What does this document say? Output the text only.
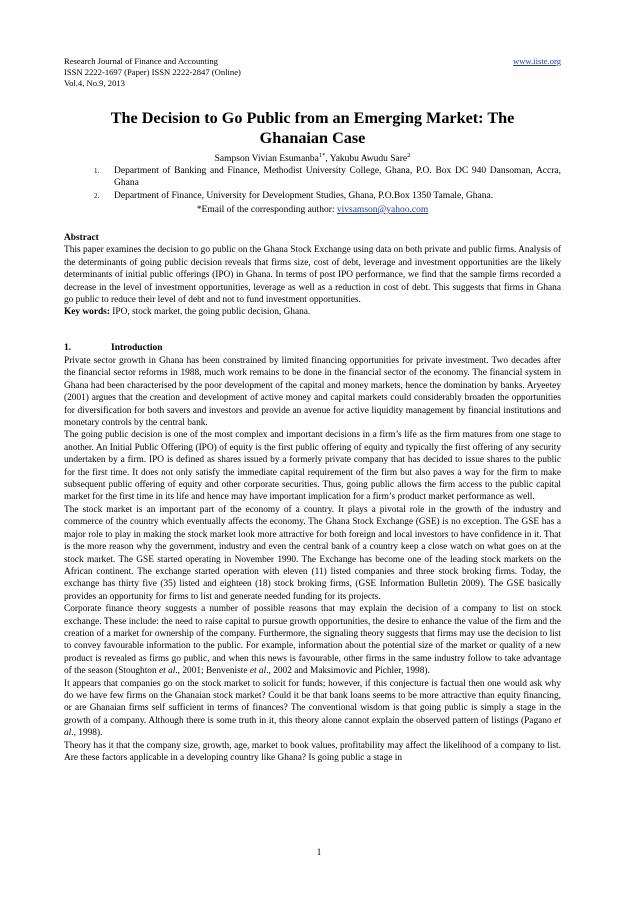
Research Journal of Finance and Accounting
ISSN 2222-1697 (Paper) ISSN 2222-2847 (Online)
Vol.4, No.9, 2013
www.iiste.org
The Decision to Go Public from an Emerging Market: The
Ghanaian Case
Sampson Vivian Esumanba$^{1*}$, Yakubu Awudu Sare$^2$
1. Department of Banking and Finance, Methodist University College, Ghana, P.O. Box DC 940 Dansoman, Accra, Ghana
2. Department of Finance, University for Development Studies, Ghana, P.O.Box 1350 Tamale, Ghana.
*Email of the corresponding author: vivsamson@yahoo.com
Abstract

This paper examines the decision to go public on the Ghana Stock Exchange using data on both private and public firms. Analysis of the determinants of going public decision reveals that firms size, cost of debt, leverage and investment opportunities are the likely determinants of initial public offerings (IPO) in Ghana. In terms of post IPO performance, we find that the sample firms recorded a decrease in the level of investment opportunities, leverage as well as a reduction in cost of debt. This suggests that firms in Ghana go public to reduce their level of debt and not to fund investment opportunities.

Key words: IPO, stock market, the going public decision, Ghana.

1.	Introduction

Private sector growth in Ghana has been constrained by limited financing opportunities for private investment. Two decades after the financial sector reforms in 1988, much work remains to be done in the financial sector of the economy. The financial system in Ghana had been characterised by the poor development of the capital and money markets, hence the domination by banks. Aryeetey (2001) argues that the creation and development of active money and capital markets could considerably broaden the opportunities for diversification for both savers and investors and provide an avenue for active liquidity management by financial institutions and monetary controls by the central bank.

The going public decision is one of the most complex and important decisions in a firm’s life as the firm matures from one stage to another. An Initial Public Offering (IPO) of equity is the first public offering of equity and typically the first offering of any security undertaken by a firm. IPO is defined as shares issued by a formerly private company that has decided to issue shares to the public for the first time. It does not only satisfy the immediate capital requirement of the firm but also paves a way for the firm to make subsequent public offering of equity and other corporate securities. Thus, going public allows the firm access to the public capital market for the first time in its life and hence may have important implication for a firm’s product market performance as well.

The stock market is an important part of the economy of a country. It plays a pivotal role in the growth of the industry and commerce of the country which eventually affects the economy. The Ghana Stock Exchange (GSE) is no exception. The GSE has a major role to play in making the stock market look more attractive for both foreign and local investors to have confidence in it. That is the more reason why the government, industry and even the central bank of a country keep a close watch on what goes on at the stock market. The GSE started operating in November 1990. The Exchange has become one of the leading stock markets on the African continent. The exchange started operation with eleven (11) listed companies and three stock broking firms. Today, the exchange has thirty five (35) listed and eighteen (18) stock broking firms, (GSE Information Bulletin 2009). The GSE basically provides an opportunity for firms to list and generate needed funding for its projects.

Corporate finance theory suggests a number of possible reasons that may explain the decision of a company to list on stock exchange. These include: the need to raise capital to pursue growth opportunities, the desire to enhance the value of the firm and the creation of a market for ownership of the company. Furthermore, the signaling theory suggests that firms may use the decision to list to convey favourable information to the public. For example, information about the potential size of the market or quality of a new product is revealed as firms go public, and when this news is favourable, other firms in the same industry follow to take advantage of the season (Stoughton et al., 2001; Benveniste et al., 2002 and Maksimovic and Pichler, 1998).

It appears that companies go on the stock market to solicit for funds; however, if this conjecture is factual then one would ask why do we have few firms on the Ghanaian stock market? Could it be that bank loans seems to be more attractive than equity financing, or are Ghanaian firms self sufficient in terms of finances? The conventional wisdom is that going public is simply a stage in the growth of a company. Although there is some truth in it, this theory alone cannot explain the observed pattern of listings (Pagano et al., 1998).

Theory has it that the company size, growth, age, market to book values, profitability may affect the likelihood of a company to list. Are these factors applicable in a developing country like Ghana? Is going public a stage in

1
